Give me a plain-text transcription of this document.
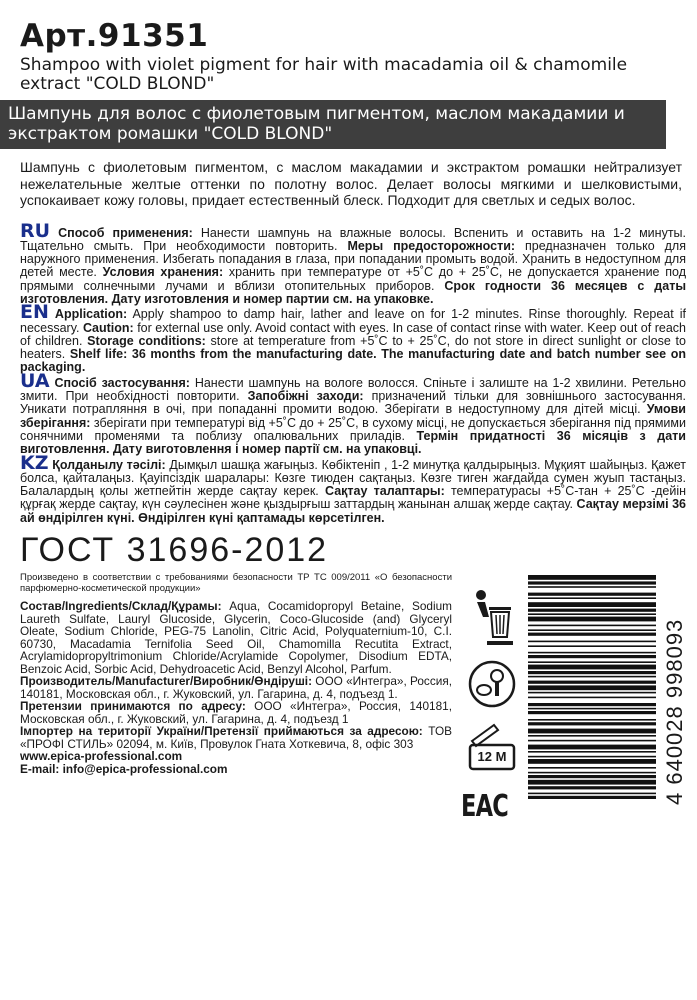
Арт.91351
Shampoo with violet pigment for hair with macadamia oil & chamomile extract "COLD BLOND"
Шампунь для волос с фиолетовым пигментом, маслом макадамии и экстрактом ромашки "COLD BLOND"
Шампунь с фиолетовым пигментом, с маслом макадамии и экстрактом ромашки нейтрализует нежелательные желтые оттенки по полотну волос. Делает волосы мягкими и шелковистыми, успокаивает кожу головы, придает естественный блеск. Подходит для светлых и седых волос.

RU Способ применения: Нанести шампунь на влажные волосы. Вспенить и оставить на 1-2 минуты. Тщательно смыть. При необходимости повторить. Меры предосторожности: предназначен только для наружного применения. Избегать попадания в глаза, при попадании промыть водой. Хранить в недоступном для детей месте. Условия хранения: хранить при температуре от +5˚С до + 25˚С, не допускается хранение под прямыми солнечными лучами и вблизи отопительных приборов. Срок годности 36 месяцев с даты изготовления. Дату изготовления и номер партии см. на упаковке.

EN Application: Apply shampoo to damp hair, lather and leave on for 1-2 minutes. Rinse thoroughly. Repeat if necessary. Caution: for external use only. Avoid contact with eyes. In case of contact rinse with water. Keep out of reach of children. Storage conditions: store at temperature from +5˚C to + 25˚C, do not store in direct sunlight or close to heaters. Shelf life: 36 months from the manufacturing date. The manufacturing date and batch number see on packaging.

UA Спосіб застосування: Нанести шампунь на вологе волосся. Спіньте і залиште на 1-2 хвилини. Ретельно змити. При необхідності повторити. Запобіжні заходи: призначений тільки для зовнішнього застосування. Уникати потрапляння в очі, при попаданні промити водою. Зберігати в недоступному для дітей місці. Умови зберігання: зберігати при температурі від +5˚С до + 25˚С, в сухому місці, не допускається зберігання під прямими сонячними променями та поблизу опалювальних приладів. Термін придатності 36 місяців з дати виготовлення. Дату виготовлення і номер партії см. на упаковці.

KZ Қолданылу тәсілі: Дымқыл шашқа жағыңыз. Көбіктеніп , 1-2 минутқа қалдырыңыз. Мұқият шайыңыз. Қажет болса, қайталаңыз. Қауіпсіздік шаралары: Көзге тиюден сақтаңыз. Көзге тиген жағдайда сумен жуып тастаңыз. Балалардың қолы жетпейтін жерде сақтау керек. Сақтау талаптары: температурасы +5˚С-тан + 25˚С -дейін құрғақ жерде сақтау, күн сәулесінен және қыздырғыш заттардың жанынан алшақ жерде сақтау. Сақтау мерзімі 36 ай өндірілген күні. Өндірілген күні қаптамады көрсетілген.

ГОСТ 31696-2012
Произведено в соответствии с требованиями безопасности ТР ТС 009/2011 «О безопасности парфюмерно-косметической продукции»

Состав/Ingredients/Склад/Құрамы: Aqua, Cocamidopropyl Betaine, Sodium Laureth Sulfate, Lauryl Glucoside, Glycerin, Coco-Glucoside (and) Glyceryl Oleate, Sodium Chloride, PEG-75 Lanolin, Citric Acid, Polyquaternium-10, C.I. 60730, Macadamia Ternifolia Seed Oil, Chamomilla Recutita Extract, Acrylamidopropyltrimonium Chloride/Acrylamide Copolymer, Disodium EDTA, Benzoic Acid, Sorbic Acid, Dehydroacetic Acid, Benzyl Alcohol, Parfum.

Производитель/Manufacturer/Виробник/Өндіруші: ООО «Интегра», Россия, 140181, Московская обл., г. Жуковский, ул. Гагарина, д. 4, подъезд 1.

Претензии принимаются по адресу: ООО «Интегра», Россия, 140181, Московская обл., г. Жуковский, ул. Гагарина, д. 4, подъезд 1

Імпортер на території України/Претензії приймаються за адресою: ТОВ «ПРОФІ СТИЛЬ» 02094, м. Київ, Провулок Гната Хоткевича, 8, офіс 303

www.epica-professional.com

E-mail: info@epica-professional.com

12 M
EAC
4 640028 998093
